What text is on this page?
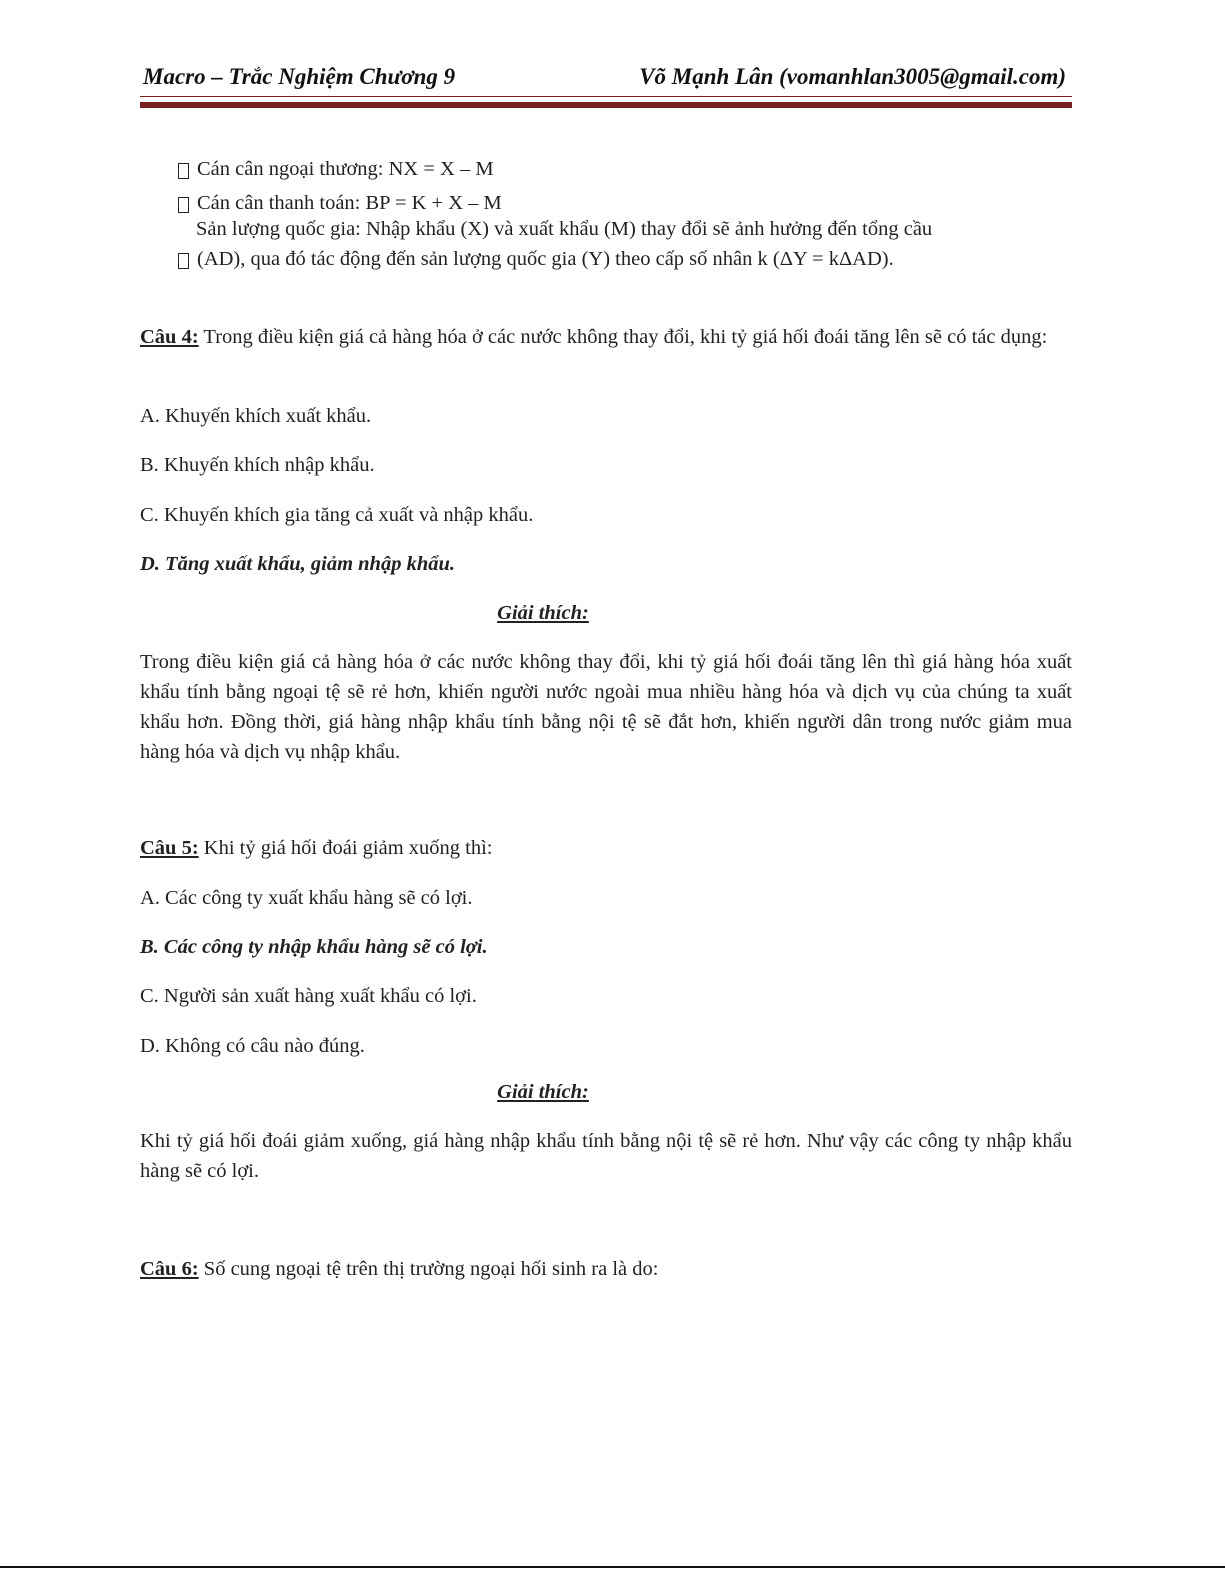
Macro – Trắc Nghiệm Chương 9	Võ Mạnh Lân (vomanhlan3005@gmail.com)
Cán cân ngoại thương: NX = X – M
Cán cân thanh toán: BP = K + X – M
Sản lượng quốc gia: Nhập khẩu (X) và xuất khẩu (M) thay đổi sẽ ảnh hưởng đến tổng cầu
(AD), qua đó tác động đến sản lượng quốc gia (Y) theo cấp số nhân k (ΔY = kΔAD).
Câu 4: Trong điều kiện giá cả hàng hóa ở các nước không thay đổi, khi tỷ giá hối đoái tăng lên sẽ có tác dụng:
A. Khuyến khích xuất khẩu.
B. Khuyến khích nhập khẩu.
C. Khuyến khích gia tăng cả xuất và nhập khẩu.
D. Tăng xuất khẩu, giảm nhập khẩu.
Giải thích:
Trong điều kiện giá cả hàng hóa ở các nước không thay đổi, khi tỷ giá hối đoái tăng lên thì giá hàng hóa xuất khẩu tính bằng ngoại tệ sẽ rẻ hơn, khiến người nước ngoài mua nhiều hàng hóa và dịch vụ của chúng ta xuất khẩu hơn. Đồng thời, giá hàng nhập khẩu tính bằng nội tệ sẽ đắt hơn, khiến người dân trong nước giảm mua hàng hóa và dịch vụ nhập khẩu.
Câu 5: Khi tỷ giá hối đoái giảm xuống thì:
A. Các công ty xuất khẩu hàng sẽ có lợi.
B. Các công ty nhập khẩu hàng sẽ có lợi.
C. Người sản xuất hàng xuất khẩu có lợi.
D. Không có câu nào đúng.
Giải thích:
Khi tỷ giá hối đoái giảm xuống, giá hàng nhập khẩu tính bằng nội tệ sẽ rẻ hơn. Như vậy các công ty nhập khẩu hàng sẽ có lợi.
Câu 6: Số cung ngoại tệ trên thị trường ngoại hối sinh ra là do:
